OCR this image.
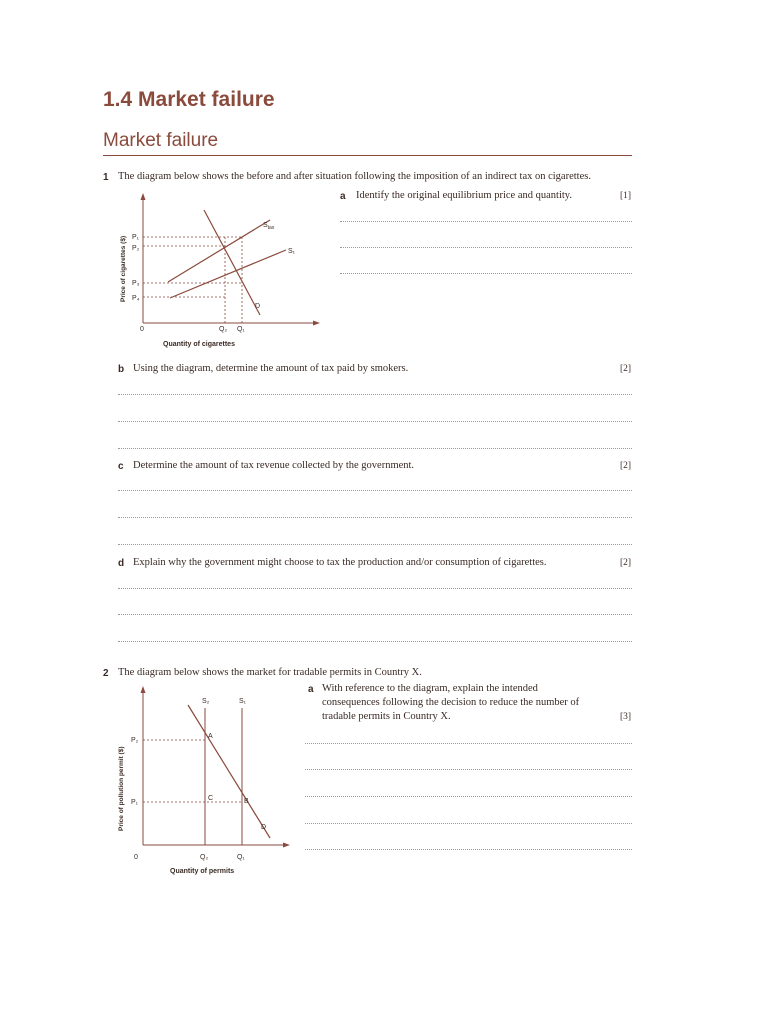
1.4 Market failure
Market failure
1 The diagram below shows the before and after situation following the imposition of an indirect tax on cigarettes.
a Identify the original equilibrium price and quantity.	[1]
P₁
P₂
P₃
P₄
Q₂ Q₁
$S_{tax}$
S₁
D
0
Price of cigarettes ($)
Quantity of cigarettes
b Using the diagram, determine the amount of tax paid by smokers.	[2]
c Determine the amount of tax revenue collected by the government.	[2]
d Explain why the government might choose to tax the production and/or consumption of cigarettes.	[2]
2 The diagram below shows the market for tradable permits in Country X.
a With reference to the diagram, explain the intended
consequences following the decision to reduce the number of
tradable permits in Country X.	[3]
S₂	S₁
P₂
P₁
A
B
C
D
Q₂	Q₁
0
Price of pollution permit ($)
Quantity of permits
